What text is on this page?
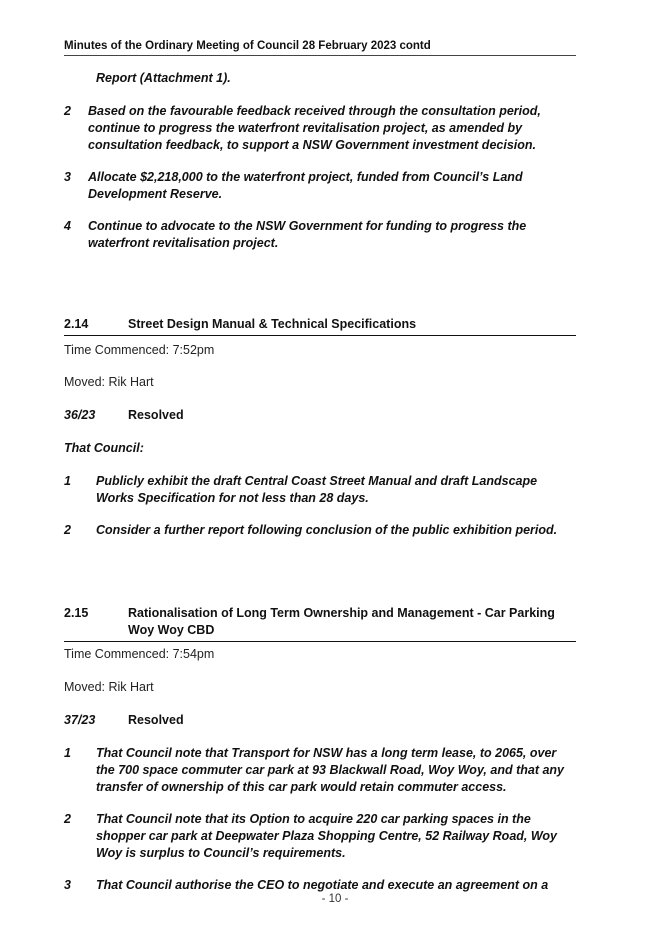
Minutes of the Ordinary Meeting of Council 28 February 2023 contd
Report (Attachment 1).
2 Based on the favourable feedback received through the consultation period, continue to progress the waterfront revitalisation project, as amended by consultation feedback, to support a NSW Government investment decision.
3 Allocate $2,218,000 to the waterfront project, funded from Council’s Land Development Reserve.
4 Continue to advocate to the NSW Government for funding to progress the waterfront revitalisation project.
2.14	Street Design Manual & Technical Specifications
Time Commenced: 7:52pm
Moved: Rik Hart
36/23	Resolved
That Council:
1 Publicly exhibit the draft Central Coast Street Manual and draft Landscape Works Specification for not less than 28 days.
2 Consider a further report following conclusion of the public exhibition period.
2.15	Rationalisation of Long Term Ownership and Management - Car Parking Woy Woy CBD
Time Commenced: 7:54pm
Moved: Rik Hart
37/23	Resolved
1 That Council note that Transport for NSW has a long term lease, to 2065, over the 700 space commuter car park at 93 Blackwall Road, Woy Woy, and that any transfer of ownership of this car park would retain commuter access.
2 That Council note that its Option to acquire 220 car parking spaces in the shopper car park at Deepwater Plaza Shopping Centre, 52 Railway Road, Woy Woy is surplus to Council’s requirements.
3 That Council authorise the CEO to negotiate and execute an agreement on a
- 10 -
